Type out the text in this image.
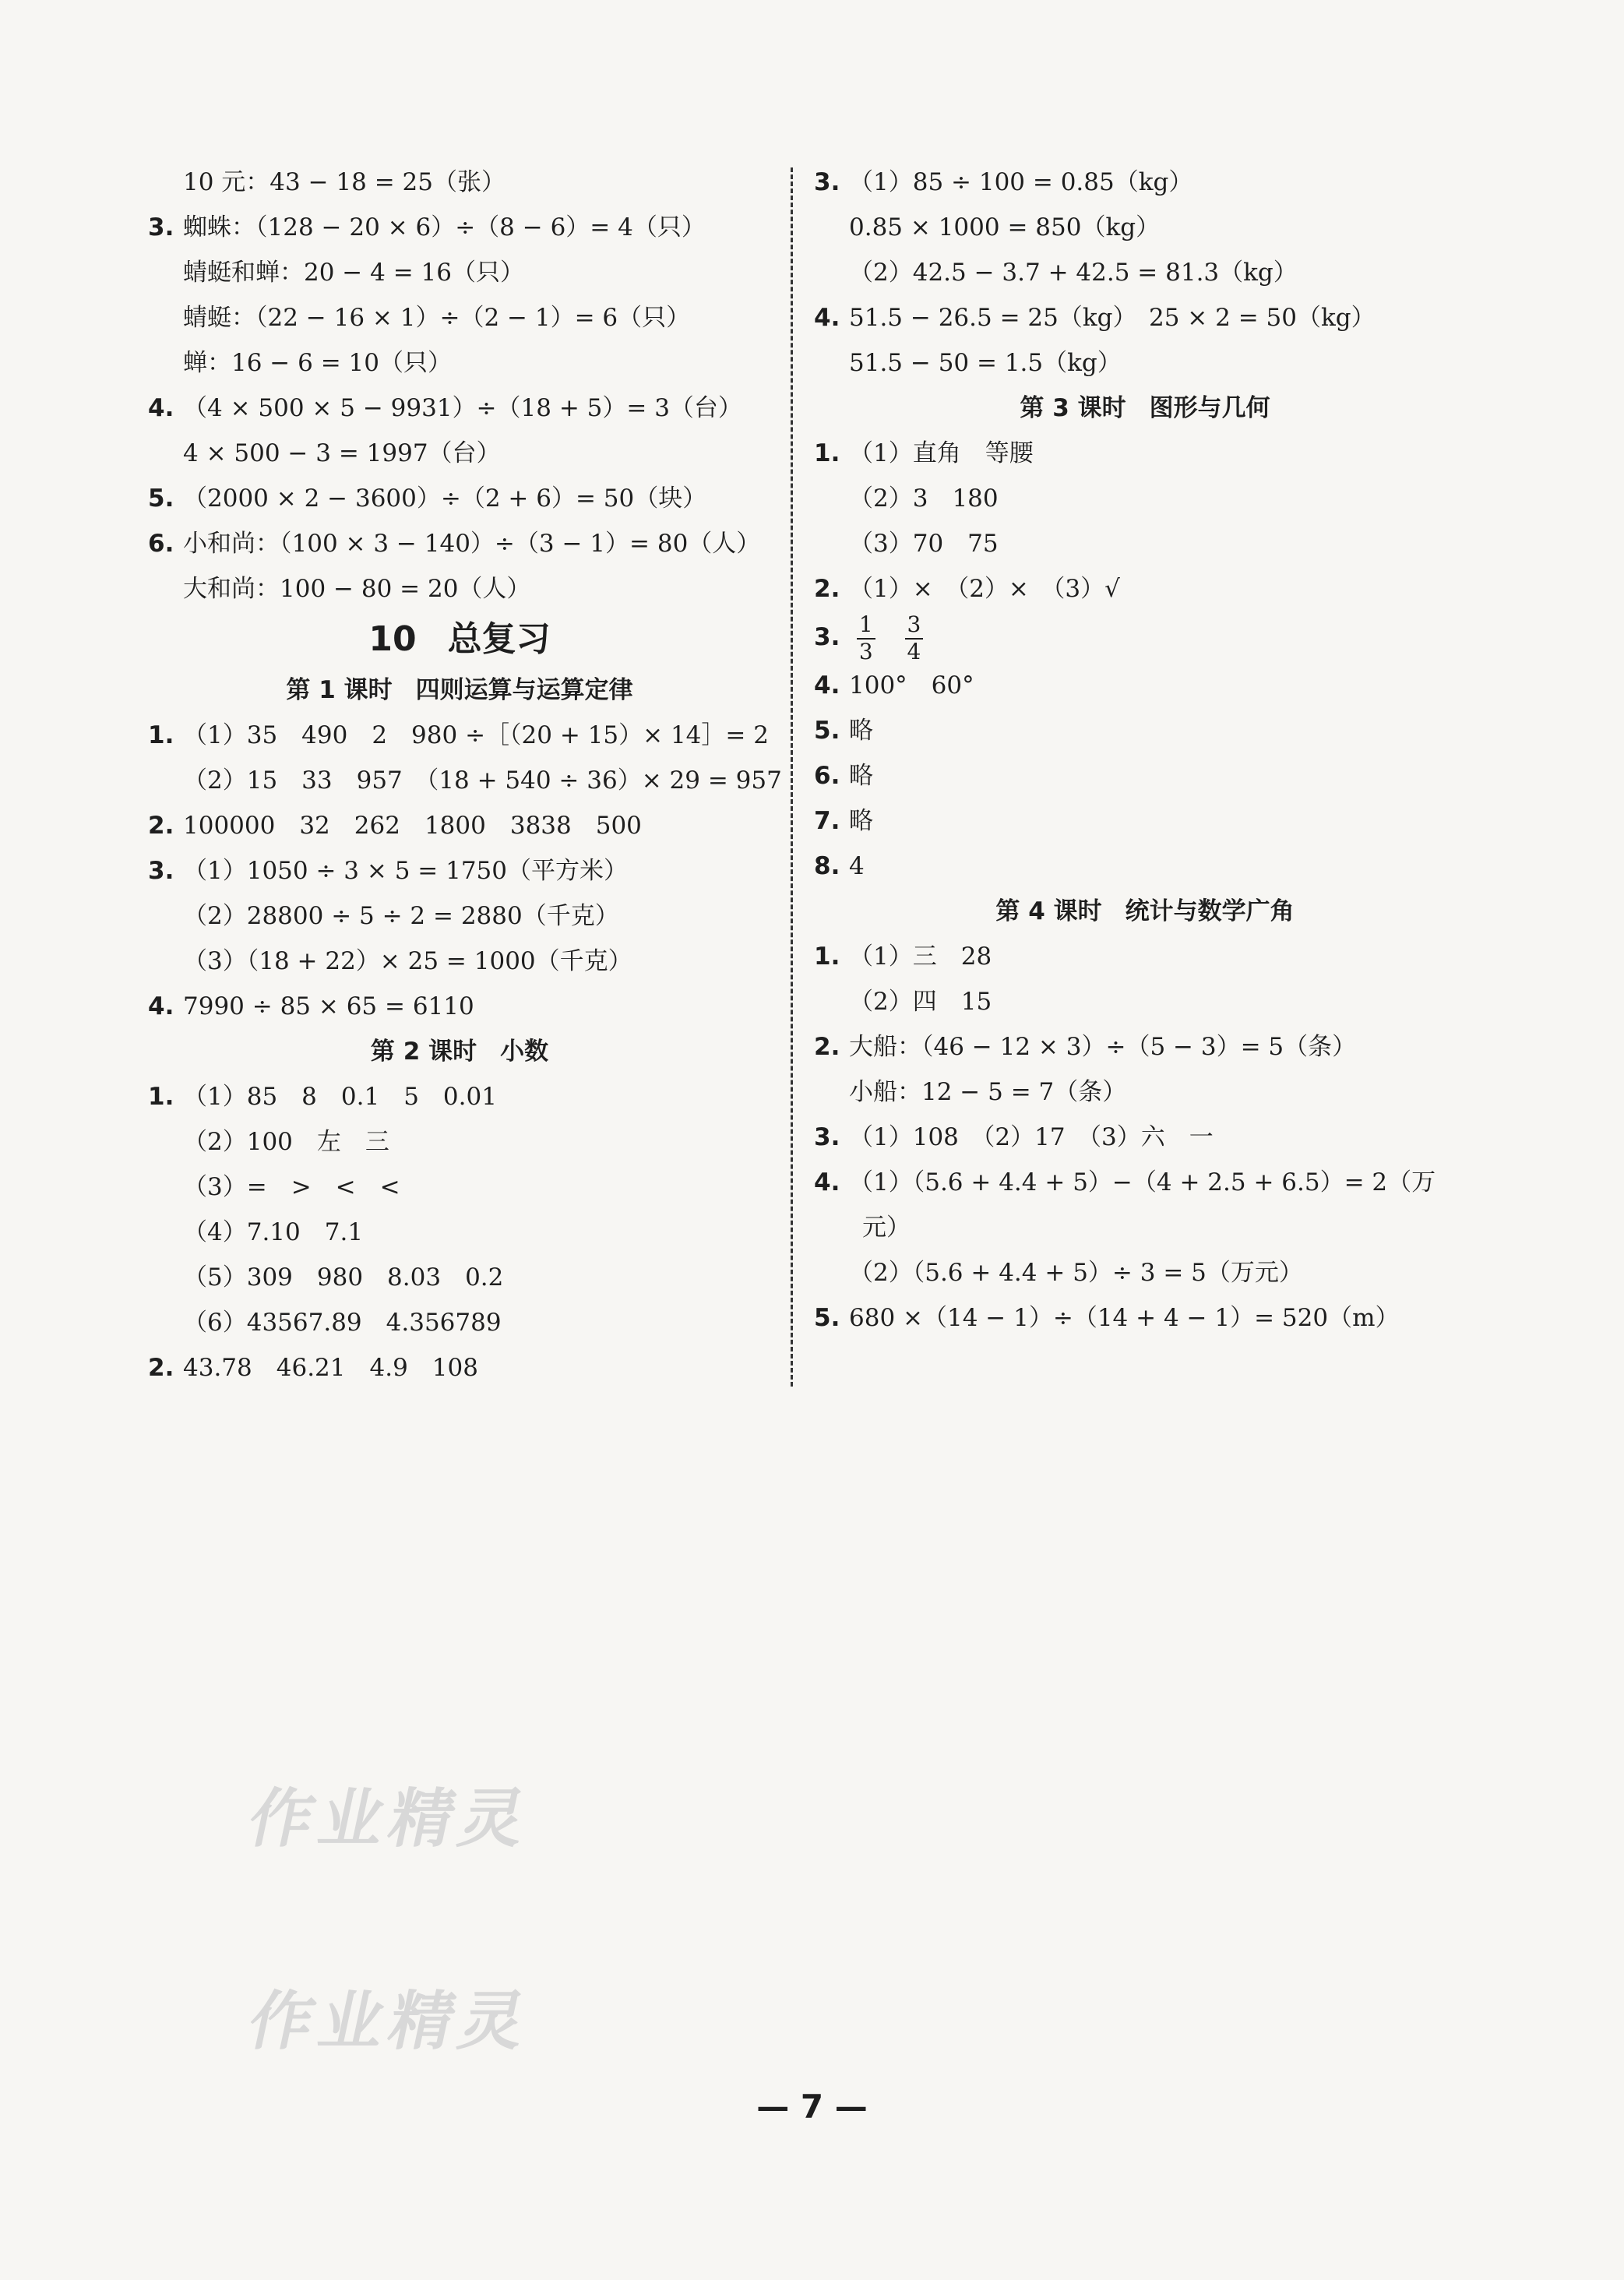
10 元：43 − 18 = 25（张）
3. 蜘蛛：（128 − 20 × 6）÷（8 − 6）= 4（只）
蜻蜓和蝉：20 − 4 = 16（只）
蜻蜓：（22 − 16 × 1）÷（2 − 1）= 6（只）
蝉：16 − 6 = 10（只）
4. （4 × 500 × 5 − 9931）÷（18 + 5）= 3（台）
4 × 500 − 3 = 1997（台）
5. （2000 × 2 − 3600）÷（2 + 6）= 50（块）
6. 小和尚：（100 × 3 − 140）÷（3 − 1）= 80（人）
大和尚：100 − 80 = 20（人）
10 总复习
第 1 课时 四则运算与运算定律
1. （1）35　490　2　980 ÷［（20 + 15）× 14］= 2
（2）15　33　957　（18 + 540 ÷ 36）× 29 = 957
2. 100000　32　262　1800　3838　500
3. （1）1050 ÷ 3 × 5 = 1750（平方米）
（2）28800 ÷ 5 ÷ 2 = 2880（千克）
（3）（18 + 22）× 25 = 1000（千克）
4. 7990 ÷ 85 × 65 = 6110
第 2 课时 小数
1. （1）85　8　0.1　5　0.01
（2）100　左　三
（3）=　>　<　<
（4）7.10　7.1
（5）309　980　8.03　0.2
（6）43567.89　4.356789
2. 43.78　46.21　4.9　108
3. （1）85 ÷ 100 = 0.85（kg）
0.85 × 1000 = 850（kg）
（2）42.5 − 3.7 + 42.5 = 81.3（kg）
4. 51.5 − 26.5 = 25（kg）　25 × 2 = 50（kg）
51.5 − 50 = 1.5（kg）
第 3 课时 图形与几何
1. （1）直角　等腰
（2）3　180
（3）70　75
2. （1）×　（2）×　（3）√
3. $\frac{1}{3}$
$\frac{3}{4}$
4. 100°　60°
5. 略
6. 略
7. 略
8. 4
第 4 课时 统计与数学广角
1. （1）三　28
（2）四　15
2. 大船：（46 − 12 × 3）÷（5 − 3）= 5（条）
小船：12 − 5 = 7（条）
3. （1）108　（2）17　（3）六　一
4. （1）（5.6 + 4.4 + 5）−（4 + 2.5 + 6.5）= 2（万
元）
（2）（5.6 + 4.4 + 5）÷ 3 = 5（万元）
5. 680 ×（14 − 1）÷（14 + 4 − 1）= 520（m）
作业精灵
作业精灵
— 7 —
